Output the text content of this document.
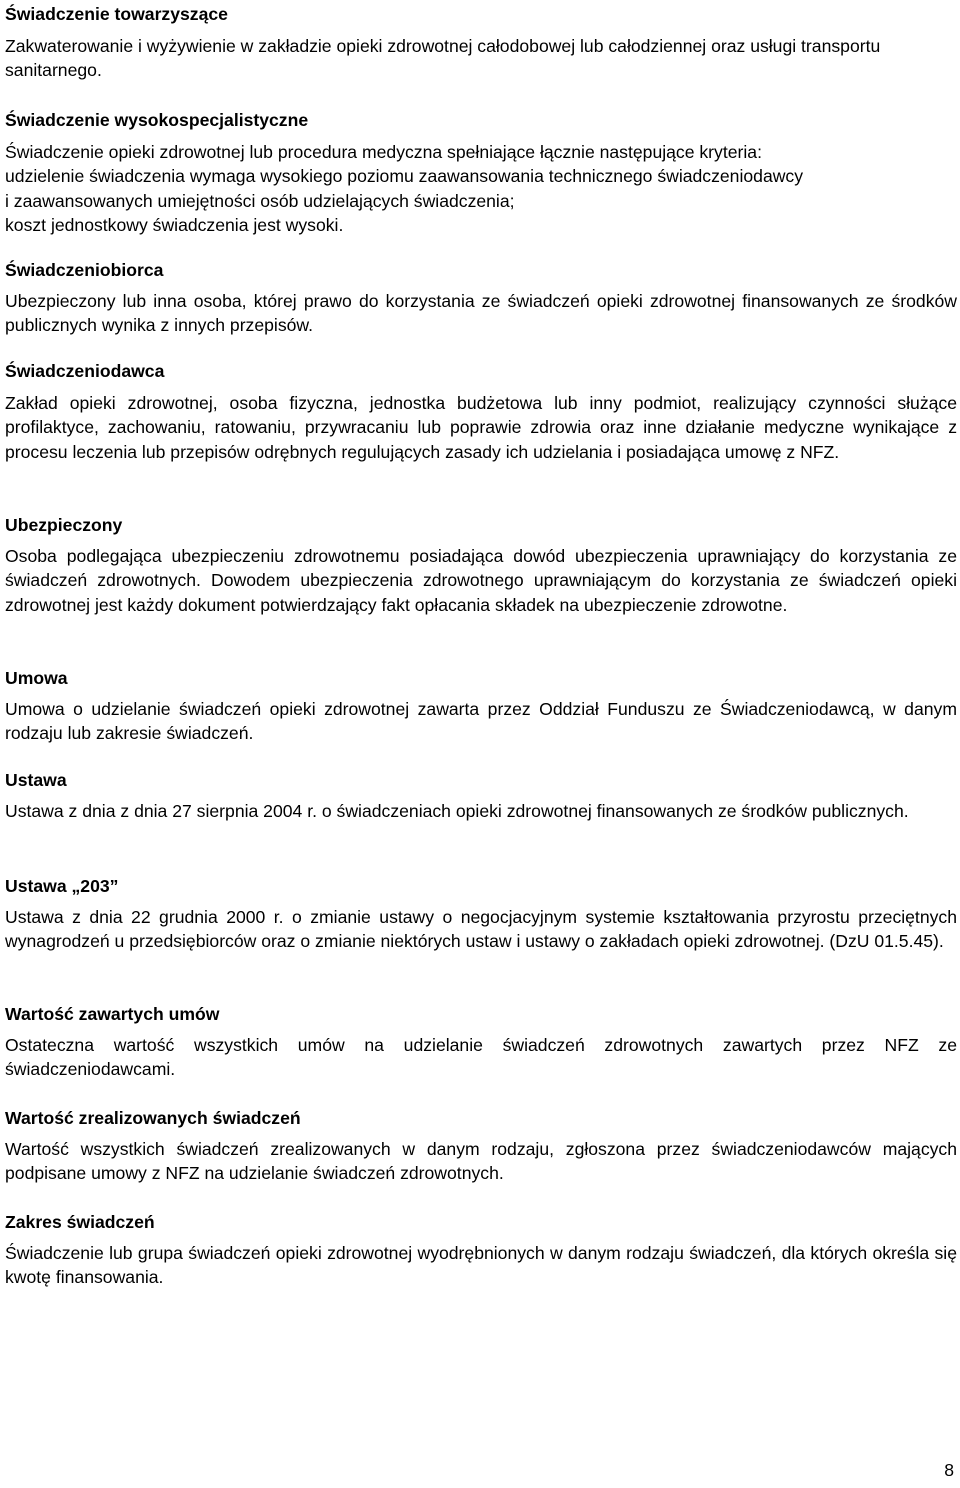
Świadczenie towarzyszące

Zakwaterowanie i wyżywienie w zakładzie opieki zdrowotnej całodobowej lub całodziennej oraz usługi transportu sanitarnego.

Świadczenie wysokospecjalistyczne

Świadczenie opieki zdrowotnej lub procedura medyczna spełniające łącznie następujące kryteria:
udzielenie świadczenia wymaga wysokiego poziomu zaawansowania technicznego świadczeniodawcy
i zaawansowanych umiejętności osób udzielających świadczenia;
koszt jednostkowy świadczenia jest wysoki.

Świadczeniobiorca

Ubezpieczony lub inna osoba, której prawo do korzystania ze świadczeń opieki zdrowotnej finansowanych ze środków publicznych wynika z innych przepisów.

Świadczeniodawca

Zakład opieki zdrowotnej, osoba fizyczna, jednostka budżetowa lub inny podmiot, realizujący czynności służące profilaktyce, zachowaniu, ratowaniu, przywracaniu lub poprawie zdrowia oraz inne działanie medyczne wynikające z procesu leczenia lub przepisów odrębnych regulujących zasady ich udzielania i posiadająca umowę z NFZ.

Ubezpieczony

Osoba podlegająca ubezpieczeniu zdrowotnemu posiadająca dowód ubezpieczenia uprawniający do korzystania ze świadczeń zdrowotnych. Dowodem ubezpieczenia zdrowotnego uprawniającym do korzystania ze świadczeń opieki zdrowotnej jest każdy dokument potwierdzający fakt opłacania składek na ubezpieczenie zdrowotne.

Umowa

Umowa o udzielanie świadczeń opieki zdrowotnej zawarta przez Oddział Funduszu ze Świadczeniodawcą, w danym rodzaju lub zakresie świadczeń.

Ustawa

Ustawa z dnia z dnia 27 sierpnia 2004 r. o świadczeniach opieki zdrowotnej finansowanych ze środków publicznych.

Ustawa „203”

Ustawa z dnia 22 grudnia 2000 r. o zmianie ustawy o negocjacyjnym systemie kształtowania przyrostu przeciętnych wynagrodzeń u przedsiębiorców oraz o zmianie niektórych ustaw i ustawy o zakładach opieki zdrowotnej. (DzU 01.5.45).

Wartość zawartych umów

Ostateczna wartość wszystkich umów na udzielanie świadczeń zdrowotnych zawartych przez NFZ ze świadczeniodawcami.

Wartość zrealizowanych świadczeń

Wartość wszystkich świadczeń zrealizowanych w danym rodzaju, zgłoszona przez świadczeniodawców mających podpisane umowy z NFZ na udzielanie świadczeń zdrowotnych.

Zakres świadczeń

Świadczenie lub grupa świadczeń opieki zdrowotnej wyodrębnionych w danym rodzaju świadczeń, dla których określa się kwotę finansowania.

8
